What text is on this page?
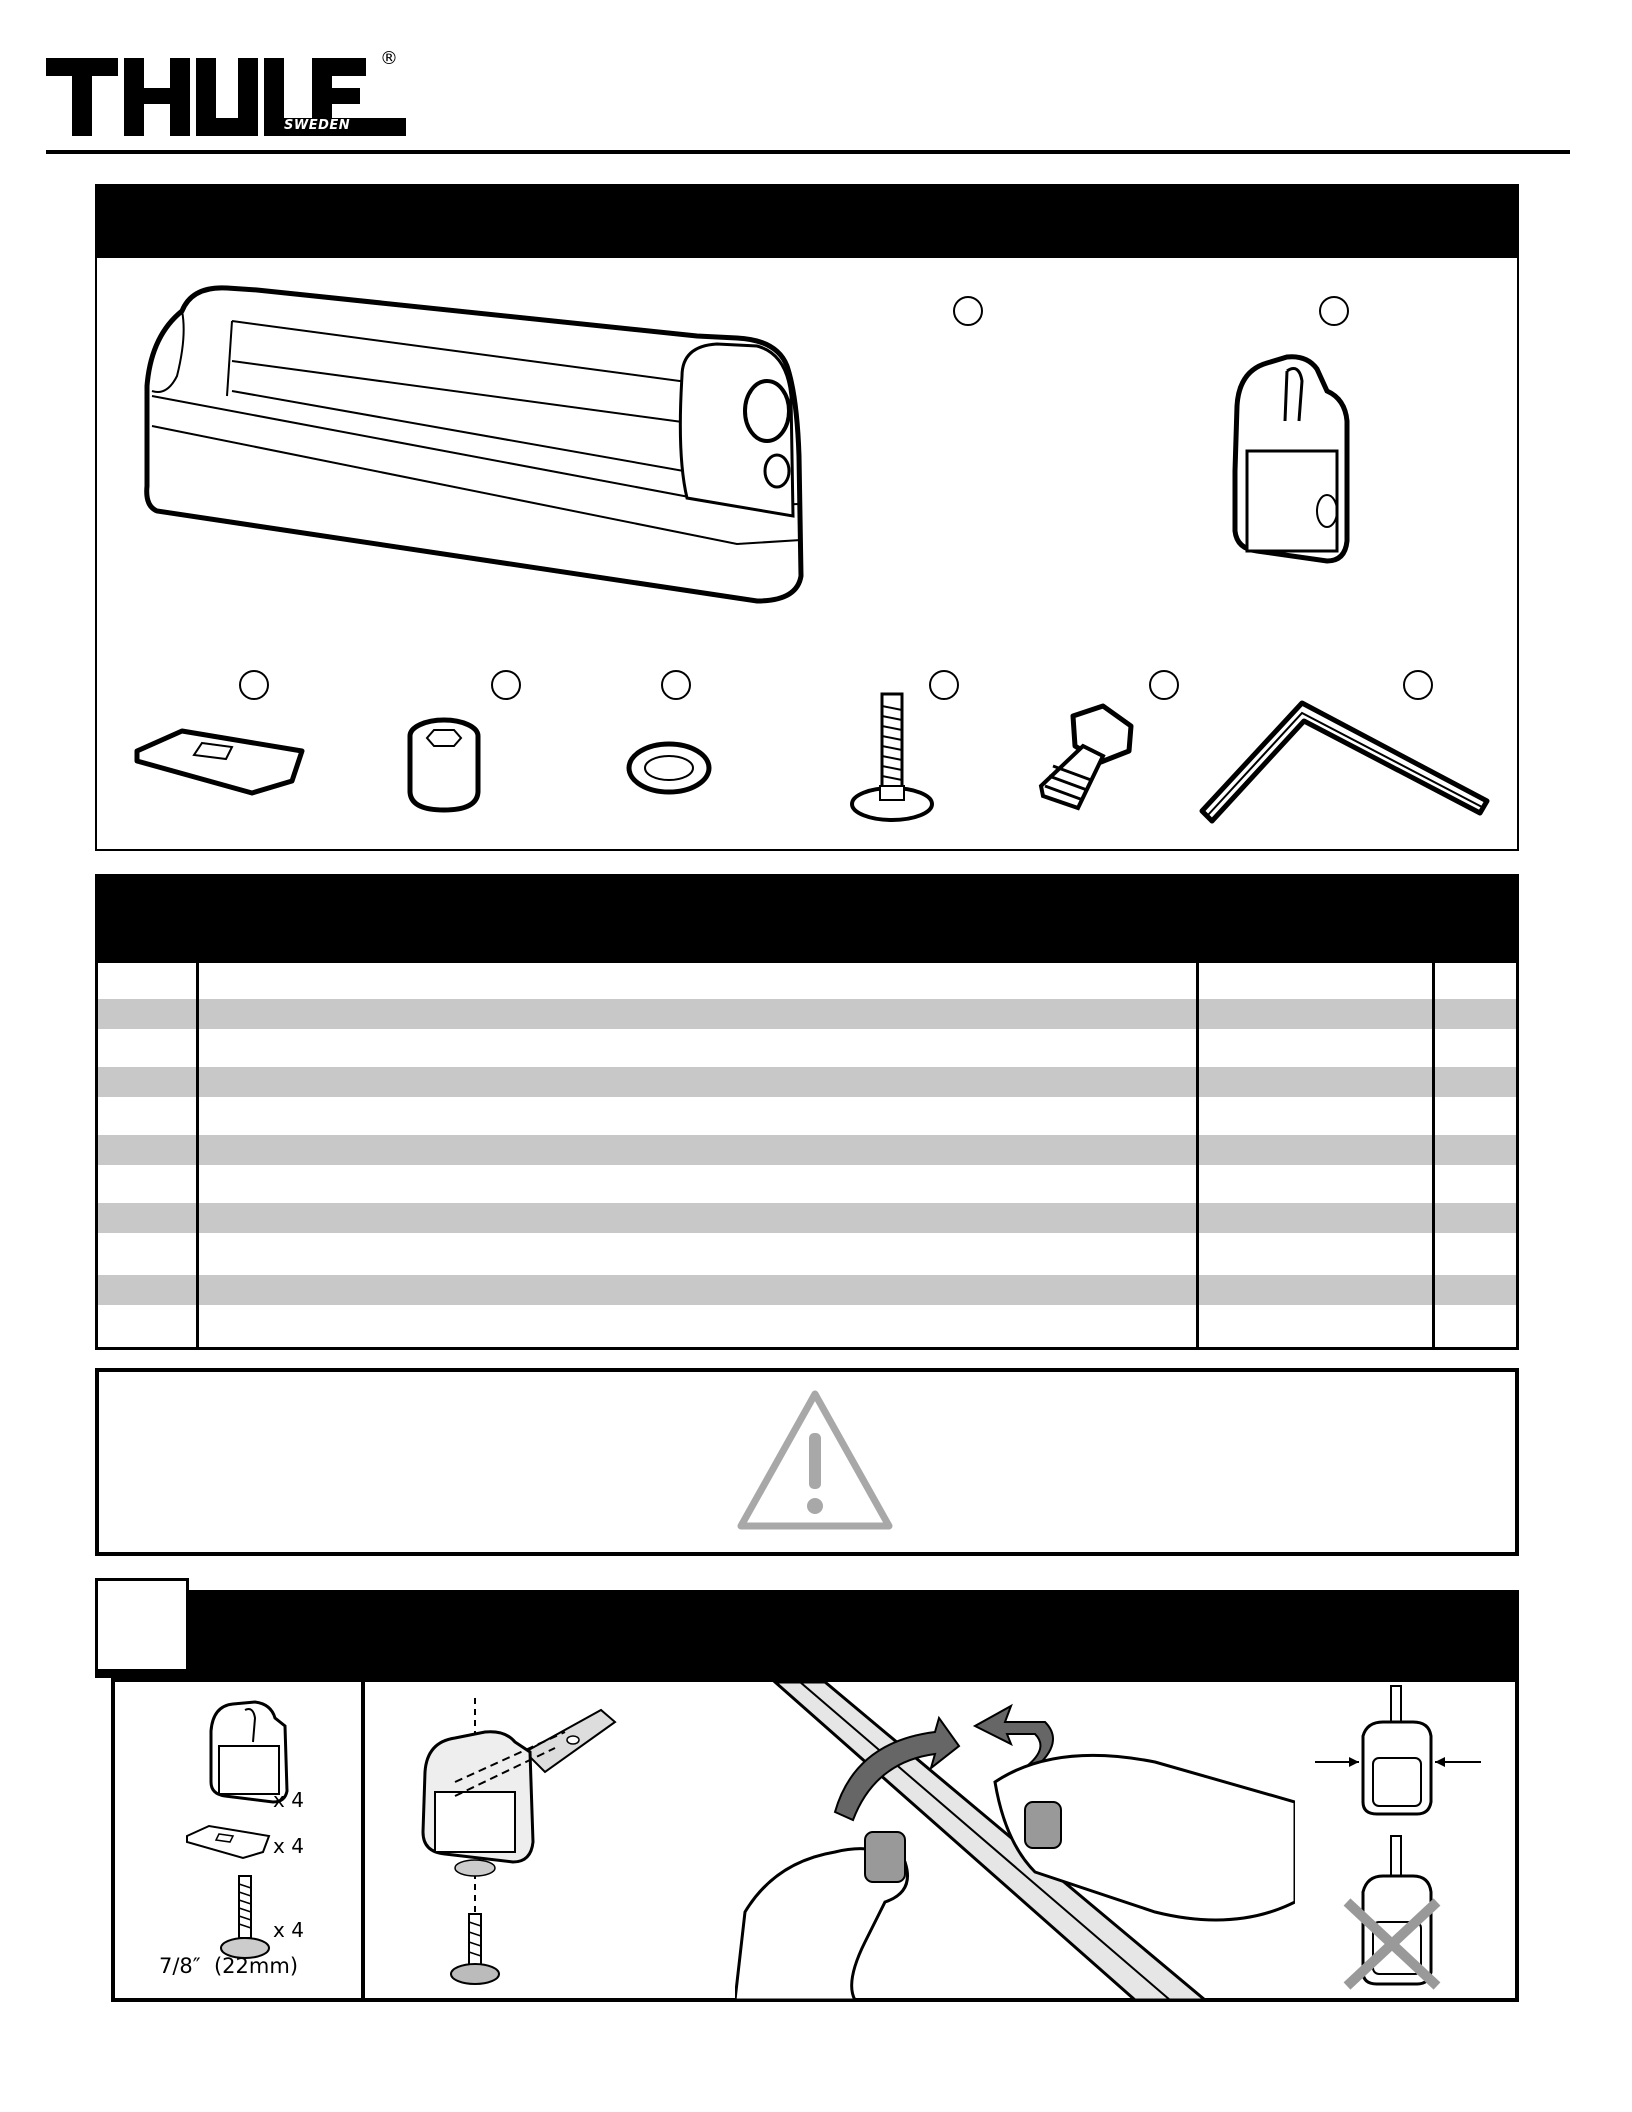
SWEDEN
®
x 4
x 4
x 4
7/8″  (22mm)
